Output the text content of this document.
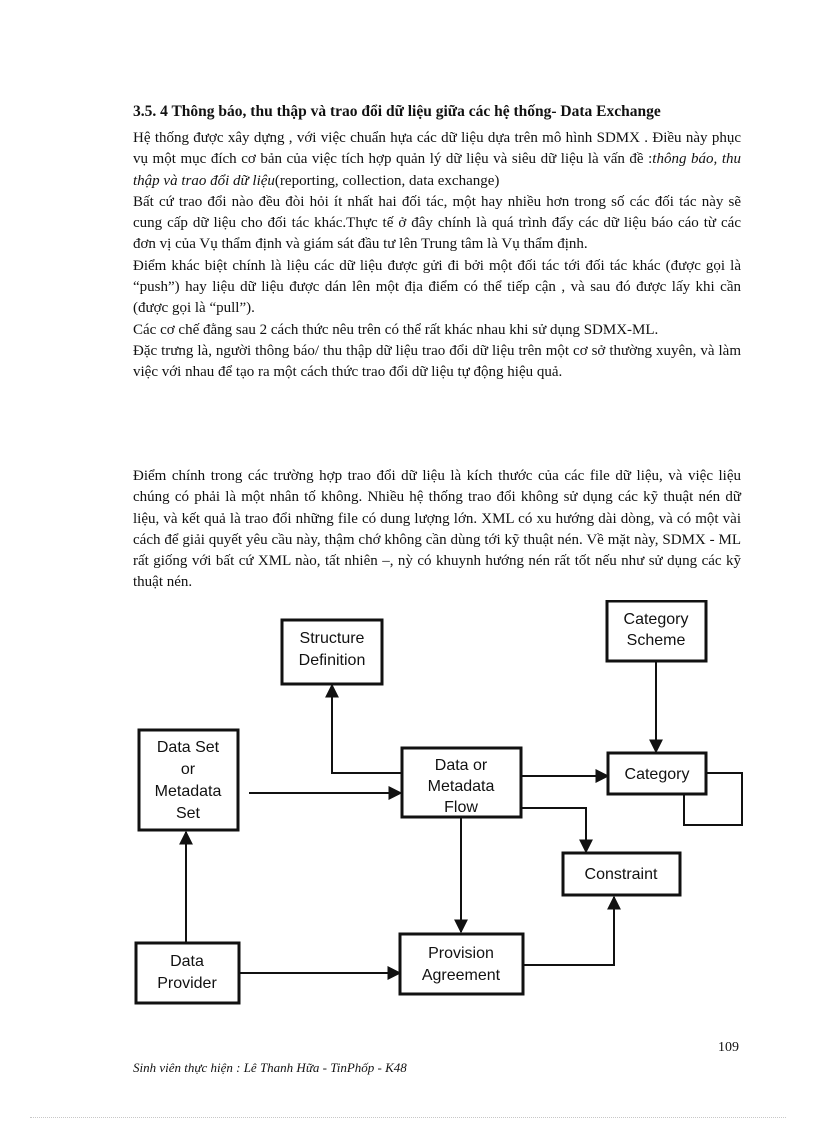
3.5. 4 Thông báo, thu thập và trao đổi dữ liệu giữa các hệ thống- Data Exchange

Hệ thống được xây dựng , với việc chuẩn hựa các dữ liệu dựa trên mô hình SDMX . Điều này phục vụ một mục đích cơ bản của việc tích hợp quản lý dữ liệu và siêu dữ liệu là vấn đề :thông báo, thu thập và trao đổi dữ liệu(reporting, collection, data exchange)

Bất cứ trao đổi nào đều đòi hỏi ít nhất hai đối tác, một hay nhiều hơn trong số các đối tác này sẽ cung cấp dữ liệu cho đối tác khác.Thực tế ở đây chính là quá trình đẩy các dữ liệu báo cáo từ các đơn vị của Vụ thẩm định và giám sát đầu tư lên Trung tâm là Vụ thẩm định.

Điểm khác biệt chính là liệu các dữ liệu được gửi đi bởi một đối tác tới đối tác khác (được gọi là “push”) hay liệu dữ liệu được dán lên một địa điểm có thể tiếp cận , và sau đó được lấy khi cần (được gọi là “pull”).

Các cơ chế đằng sau 2 cách thức nêu trên có thể rất khác nhau khi sử dụng SDMX-ML.

Đặc trưng là, người thông báo/ thu thập dữ liệu trao đổi dữ liệu trên một cơ sở thường xuyên, và làm việc với nhau để tạo ra một cách thức trao đổi dữ liệu tự động hiệu quả.

Điểm chính trong các trường hợp trao đổi dữ liệu là kích thước của các file dữ liệu, và việc liệu chúng có phải là một nhân tố không. Nhiều hệ thống trao đổi không sử dụng các kỹ thuật nén dữ liệu, và kết quả là trao đổi những file có dung lượng lớn. XML có xu hướng dài dòng, và có một vài cách để giải quyết yêu cầu này, thậm chớ không cần dùng tới kỹ thuật nén. Về mặt này, SDMX - ML rất giống với bất cứ XML nào, tất nhiên –, nỳ có khuynh hướng nén rất tốt nếu như sử dụng các kỹ thuật nén.

Structure
Definition
Category
Scheme
Data Set
or
Metadata
Set
Data or
Metadata
Flow
Category
Constraint
Data
Provider
Provision
Agreement
109
Sinh viên thực hiện : Lê Thanh Hữa - TinPhốp - K48
